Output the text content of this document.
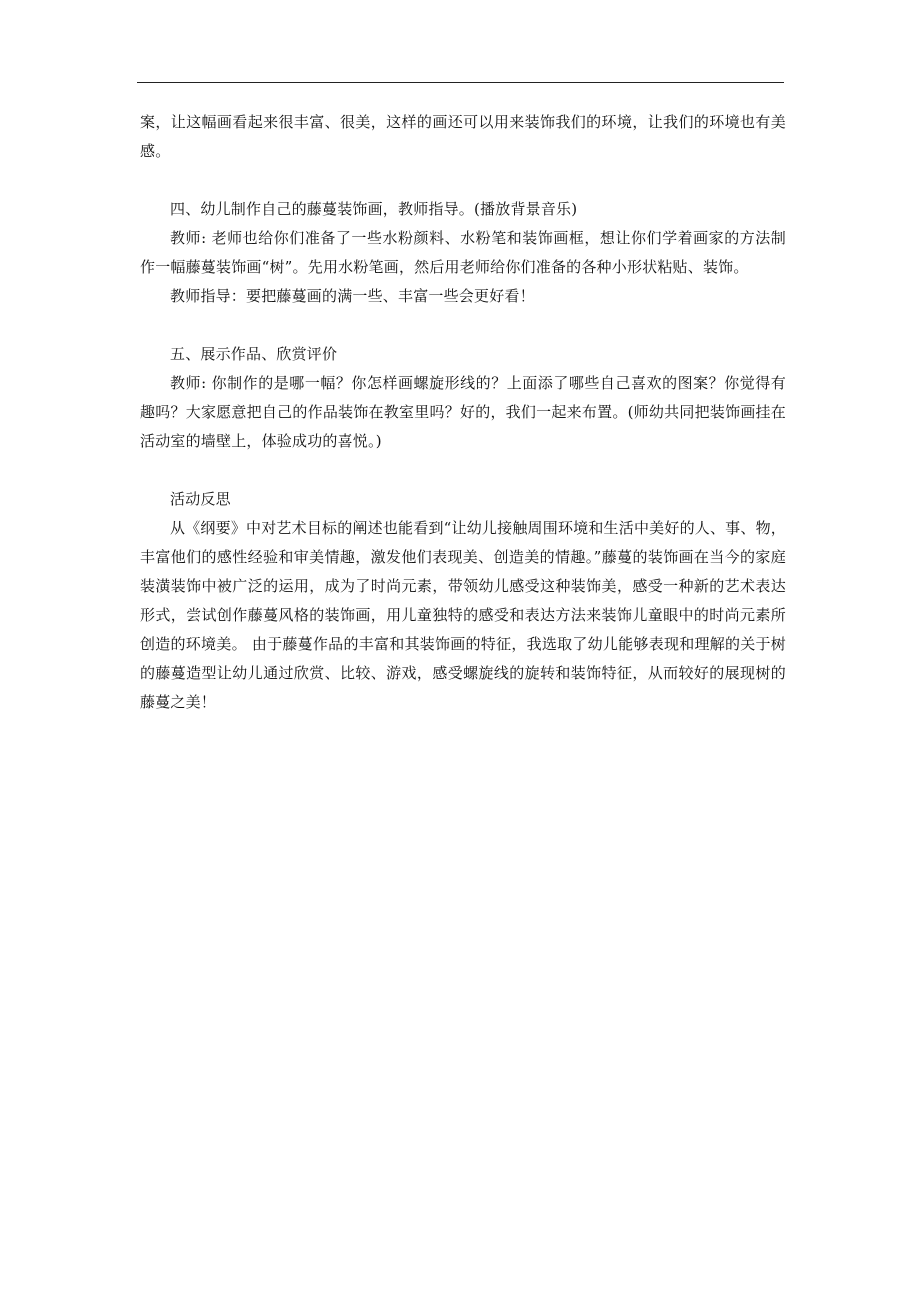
案，让这幅画看起来很丰富、很美，这样的画还可以用来装饰我们的环境，让我们的环境也有美感。

四、幼儿制作自己的藤蔓装饰画，教师指导。(播放背景音乐)

教师: 老师也给你们准备了一些水粉颜料、水粉笔和装饰画框，想让你们学着画家的方法制作一幅藤蔓装饰画“树”。先用水粉笔画，然后用老师给你们准备的各种小形状粘贴、装饰。

教师指导：要把藤蔓画的满一些、丰富一些会更好看！

五、展示作品、欣赏评价

教师: 你制作的是哪一幅？你怎样画螺旋形线的？上面添了哪些自己喜欢的图案？你觉得有趣吗？大家愿意把自己的作品装饰在教室里吗？好的，我们一起来布置。(师幼共同把装饰画挂在活动室的墙壁上，体验成功的喜悦。)

活动反思

从《纲要》中对艺术目标的阐述也能看到“让幼儿接触周围环境和生活中美好的人、事、物，丰富他们的感性经验和审美情趣，激发他们表现美、创造美的情趣。”藤蔓的装饰画在当今的家庭装潢装饰中被广泛的运用，成为了时尚元素，带领幼儿感受这种装饰美，感受一种新的艺术表达形式，尝试创作藤蔓风格的装饰画，用儿童独特的感受和表达方法来装饰儿童眼中的时尚元素所创造的环境美。 由于藤蔓作品的丰富和其装饰画的特征，我选取了幼儿能够表现和理解的关于树的藤蔓造型让幼儿通过欣赏、比较、游戏，感受螺旋线的旋转和装饰特征，从而较好的展现树的藤蔓之美！
